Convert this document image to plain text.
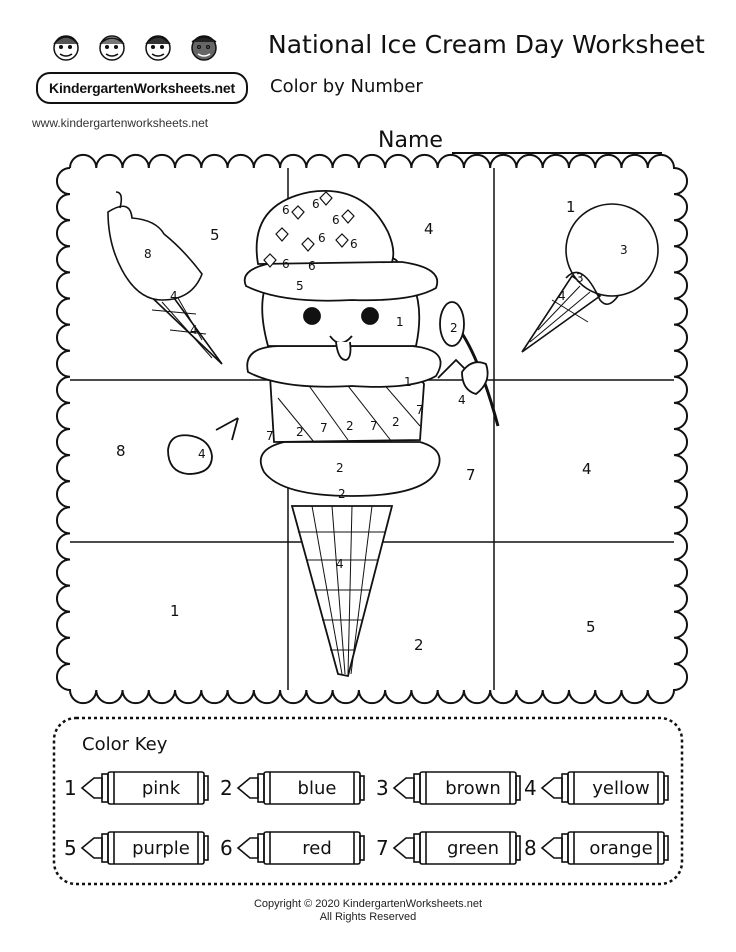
Kindergarten Worksheets.net
www.kindergartenworksheets.net
National Ice Cream Day Worksheet
Color by Number
Name
5	4
1
8
7	4
1
2
5
8
4
4
3
3
4
6 6
6
6
6
6
6
5
1	2
1
4
7 2 7 2 7 2
7
2
2
4
4
Color Key
1	pink	2	blue	3	brown	4	yellow
5	purple	6	red	7	green	8	orange
Copyright © 2020 KindergartenWorksheets.net
All Rights Reserved
